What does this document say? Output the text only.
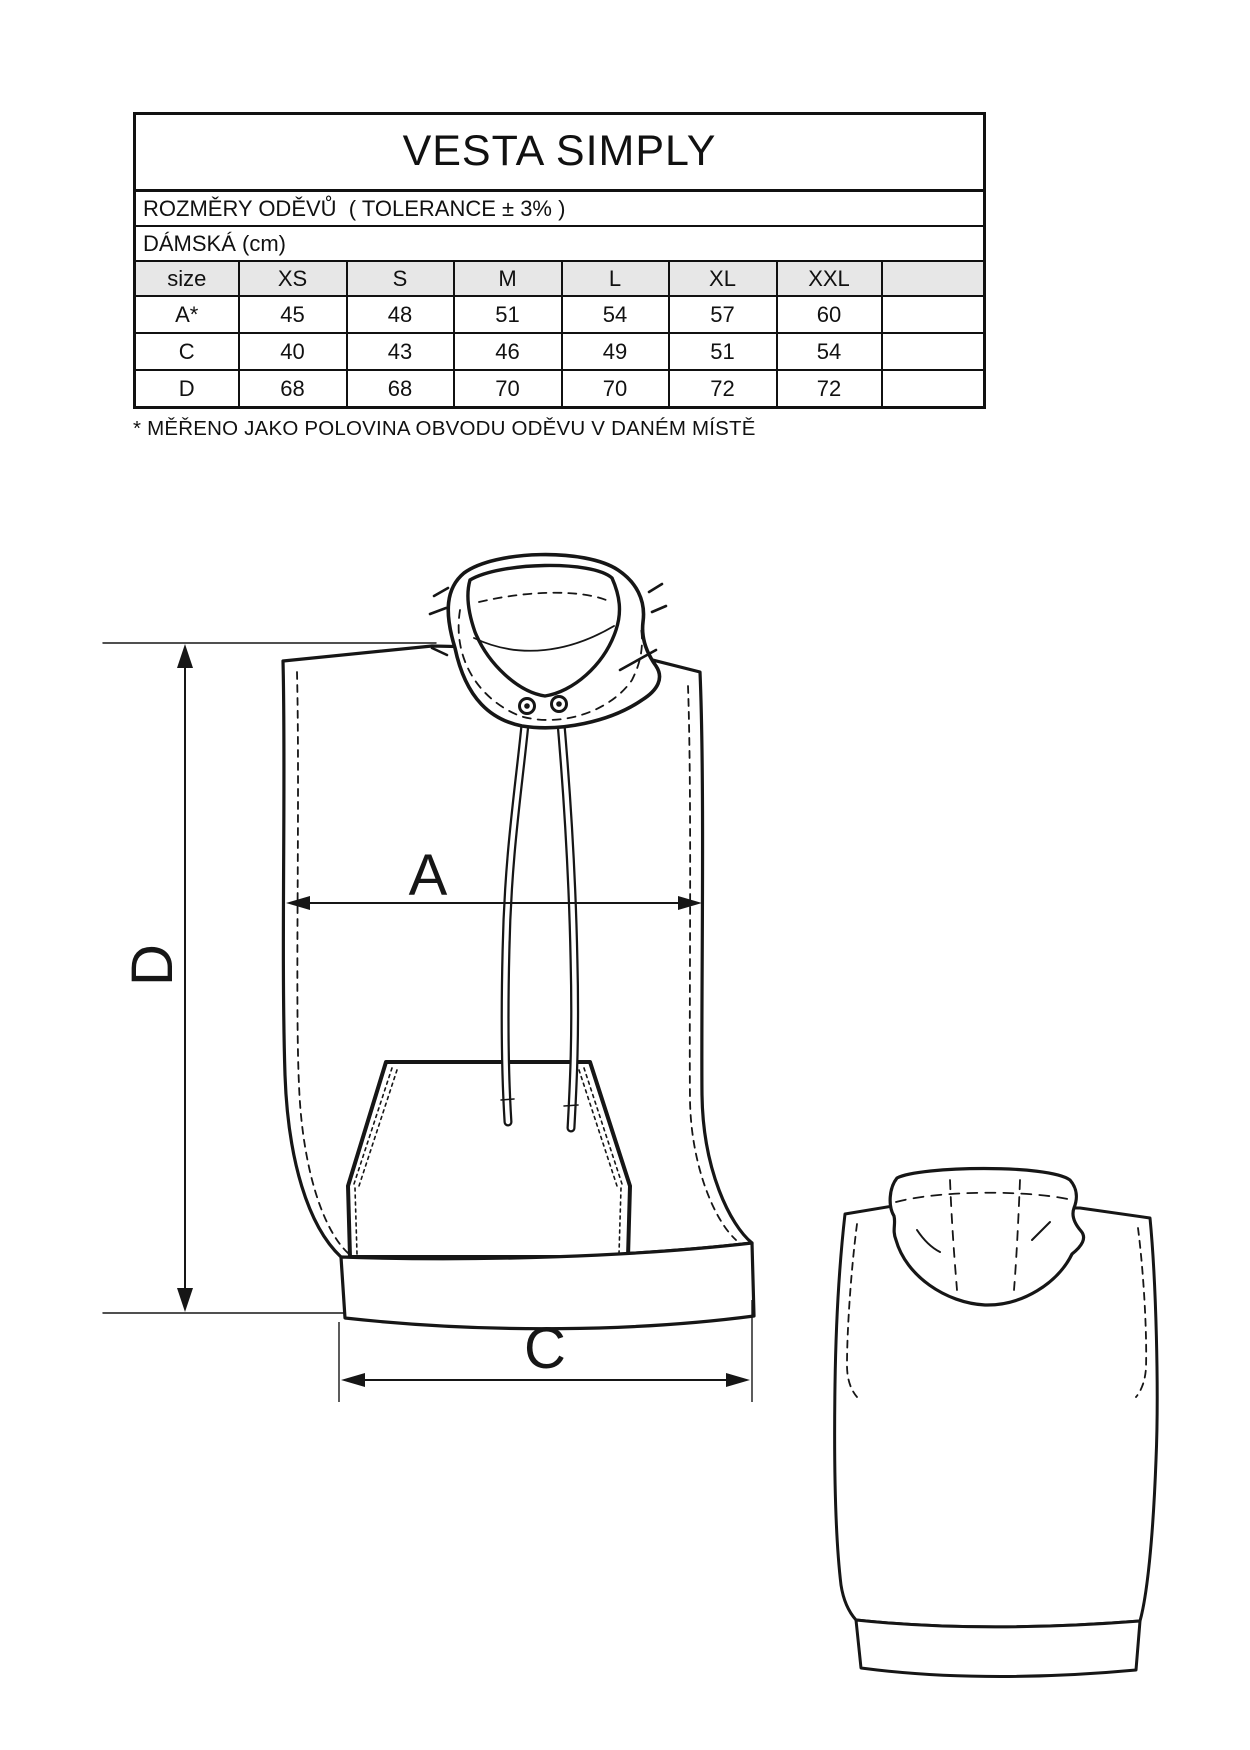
VESTA SIMPLY							
ROZMĚRY ODĚVŮ  ( TOLERANCE ± 3% )							
DÁMSKÁ (cm)							
size	XS	S	M	L	XL	XXL	
A*	45	48	51	54	57	60	
C	40	43	46	49	51	54	
D	68	68	70	70	72	72	
* MĚŘENO JAKO POLOVINA OBVODU ODĚVU V DANÉM MÍSTĚ
D
A
C
